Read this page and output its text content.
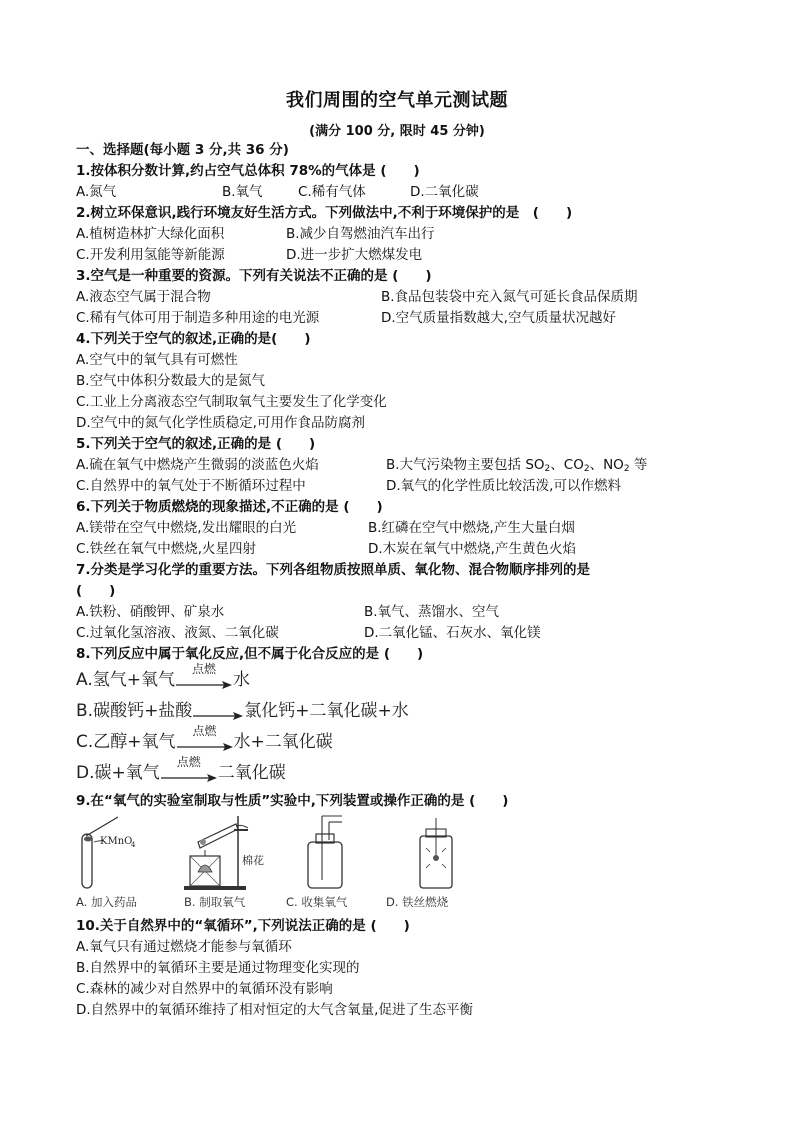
我们周围的空气单元测试题
(满分 100 分, 限时 45 分钟)
一、选择题(每小题 3 分,共 36 分)
1.按体积分数计算,约占空气总体积 78%的气体是 (　　)
A.氮气	B.氧气	C.稀有气体	D.二氧化碳
2.树立环保意识,践行环境友好生活方式。下列做法中,不利于环境保护的是　(　　)
A.植树造林扩大绿化面积	B.减少自驾燃油汽车出行
C.开发利用氢能等新能源	D.进一步扩大燃煤发电
3.空气是一种重要的资源。下列有关说法不正确的是 (　　)
A.液态空气属于混合物	B.食品包装袋中充入氮气可延长食品保质期
C.稀有气体可用于制造多种用途的电光源	D.空气质量指数越大,空气质量状况越好
4.下列关于空气的叙述,正确的是(　　)
A.空气中的氧气具有可燃性
B.空气中体积分数最大的是氮气
C.工业上分离液态空气制取氧气主要发生了化学变化
D.空气中的氮气化学性质稳定,可用作食品防腐剂
5.下列关于空气的叙述,正确的是 (　　)
A.硫在氧气中燃烧产生微弱的淡蓝色火焰	B.大气污染物主要包括 $SO_2$、$CO_2$、$NO_2$ 等
C.自然界中的氧气处于不断循环过程中	D.氧气的化学性质比较活泼,可以作燃料
6.下列关于物质燃烧的现象描述,不正确的是 (　　)
A.镁带在空气中燃烧,发出耀眼的白光	B.红磷在空气中燃烧,产生大量白烟
C.铁丝在氧气中燃烧,火星四射	D.木炭在氧气中燃烧,产生黄色火焰
7.分类是学习化学的重要方法。下列各组物质按照单质、氧化物、混合物顺序排列的是
(　　)
A.铁粉、硝酸钾、矿泉水	B.氧气、蒸馏水、空气
C.过氧化氢溶液、液氮、二氧化碳	D.二氧化锰、石灰水、氧化镁
8.下列反应中属于氧化反应,但不属于化合反应的是 (　　)
A.氢气+氧气
点燃
水
B.碳酸钙+盐酸	氯化钙+二氧化碳+水
C.乙醇+氧气
点燃
水+二氧化碳
D.碳+氧气
点燃
二氧化碳
9.在“氧气的实验室制取与性质”实验中,下列装置或操作正确的是 (　　)
KMnO
4
棉花
A. 加入药品	B. 制取氧气	C. 收集氧气	D. 铁丝燃烧
10.关于自然界中的“氧循环”,下列说法正确的是 (　　)
A.氧气只有通过燃烧才能参与氧循环
B.自然界中的氧循环主要是通过物理变化实现的
C.森林的减少对自然界中的氧循环没有影响
D.自然界中的氧循环维持了相对恒定的大气含氧量,促进了生态平衡
